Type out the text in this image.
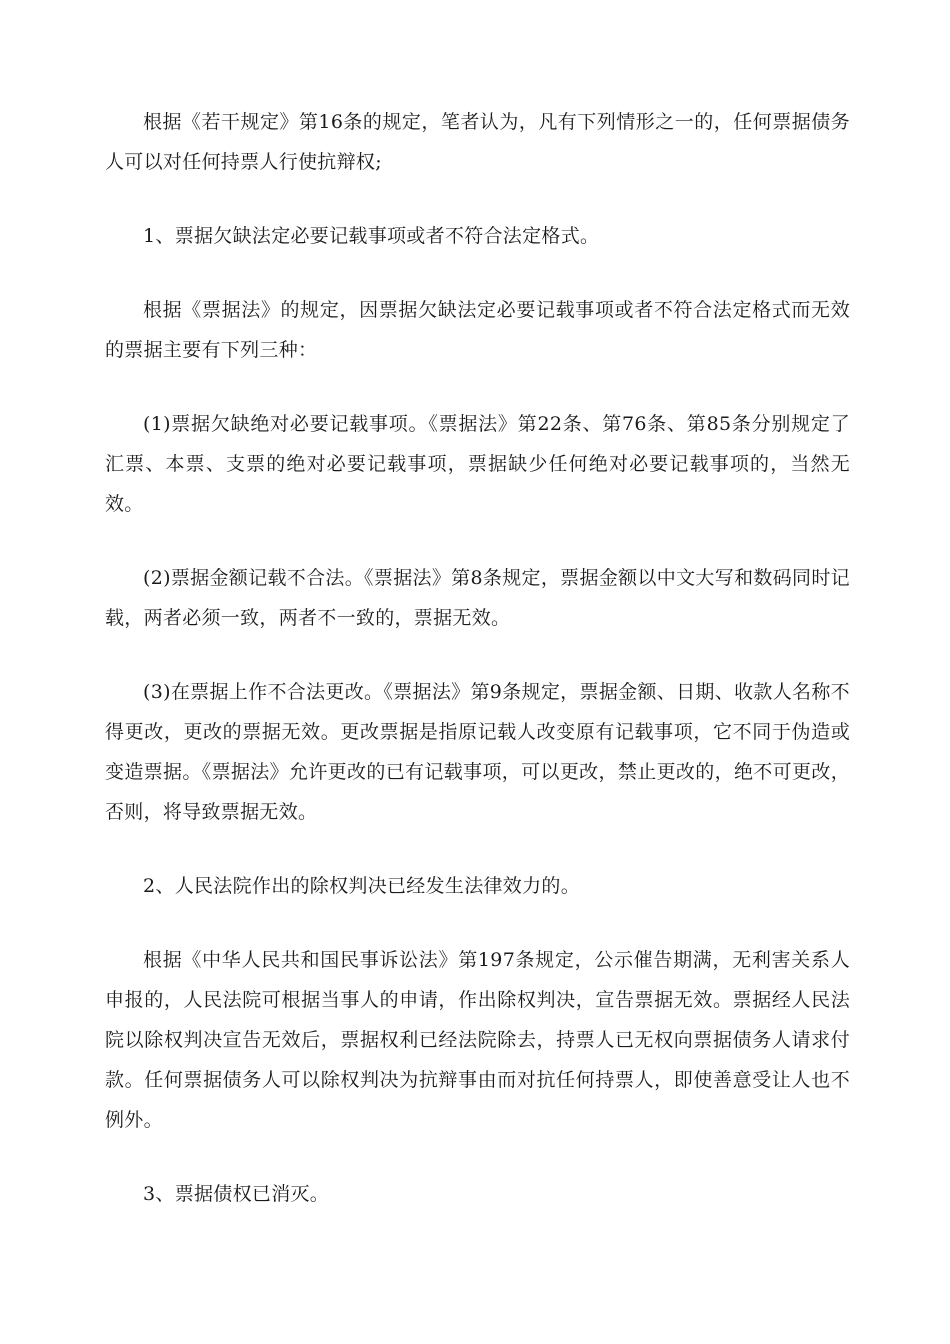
根据《若干规定》第16条的规定，笔者认为，凡有下列情形之一的，任何票据债务人可以对任何持票人行使抗辩权;

1、票据欠缺法定必要记载事项或者不符合法定格式。

根据《票据法》的规定，因票据欠缺法定必要记载事项或者不符合法定格式而无效的票据主要有下列三种：

(1)票据欠缺绝对必要记载事项。《票据法》第22条、第76条、第85条分别规定了汇票、本票、支票的绝对必要记载事项，票据缺少任何绝对必要记载事项的，当然无效。

(2)票据金额记载不合法。《票据法》第8条规定，票据金额以中文大写和数码同时记载，两者必须一致，两者不一致的，票据无效。

(3)在票据上作不合法更改。《票据法》第9条规定，票据金额、日期、收款人名称不得更改，更改的票据无效。更改票据是指原记载人改变原有记载事项，它不同于伪造或变造票据。《票据法》允许更改的已有记载事项，可以更改，禁止更改的，绝不可更改，否则，将导致票据无效。

2、人民法院作出的除权判决已经发生法律效力的。

根据《中华人民共和国民事诉讼法》第197条规定，公示催告期满，无利害关系人申报的，人民法院可根据当事人的申请，作出除权判决，宣告票据无效。票据经人民法院以除权判决宣告无效后，票据权利已经法院除去，持票人已无权向票据债务人请求付款。任何票据债务人可以除权判决为抗辩事由而对抗任何持票人，即使善意受让人也不例外。

3、票据债权已消灭。
